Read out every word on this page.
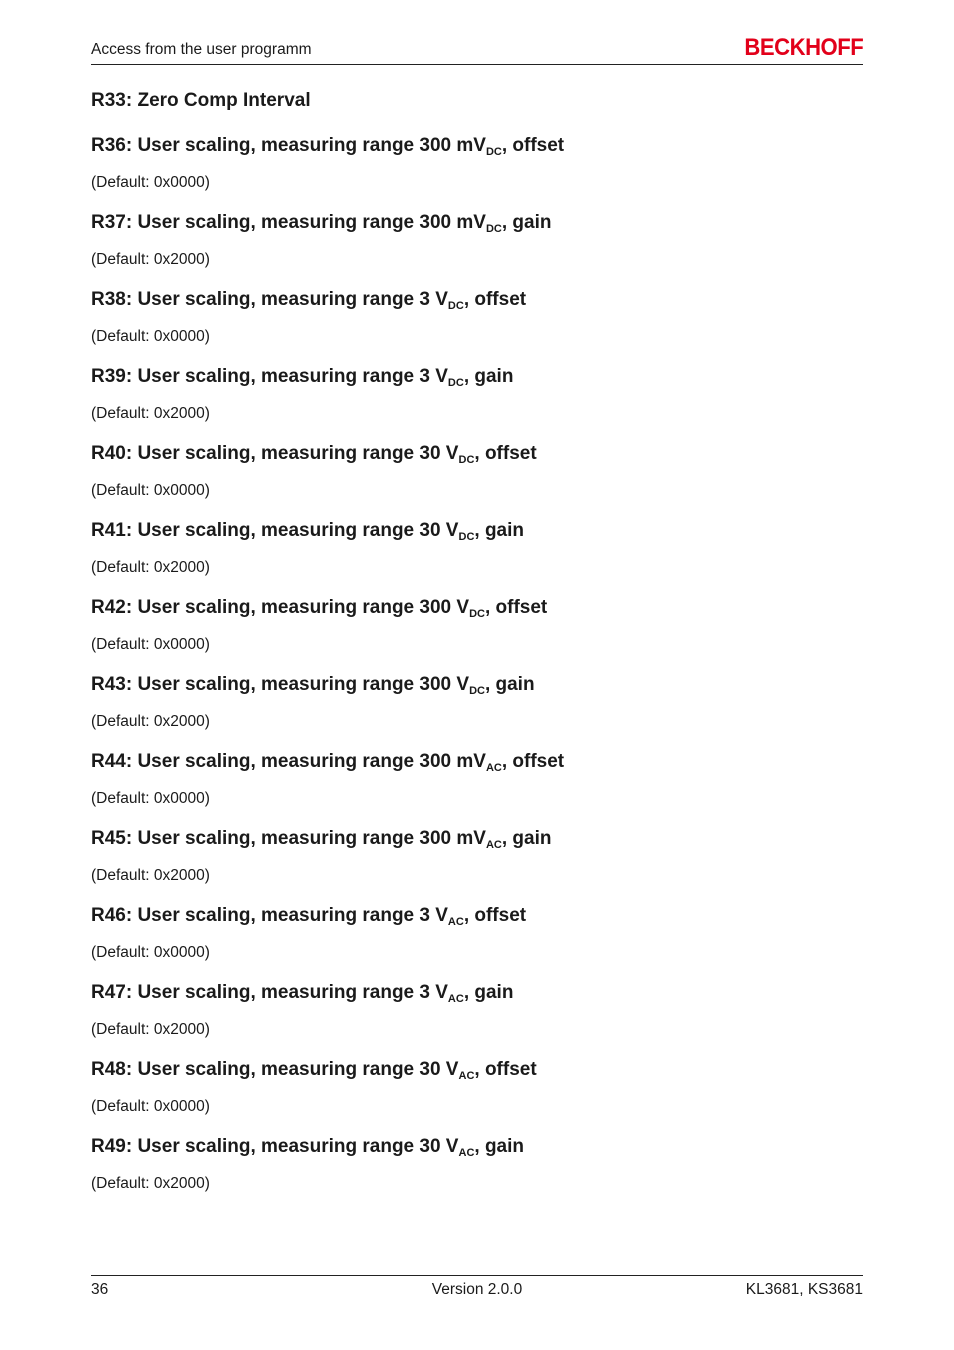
Access from the user programm	BECKHOFF

R33: Zero Comp Interval

R36: User scaling, measuring range 300 $mV_{DC}$, offset

(Default: 0x0000)

R37: User scaling, measuring range 300 $mV_{DC}$, gain

(Default: 0x2000)

R38: User scaling, measuring range 3 $V_{DC}$, offset

(Default: 0x0000)

R39: User scaling, measuring range 3 $V_{DC}$, gain

(Default: 0x2000)

R40: User scaling, measuring range 30 $V_{DC}$, offset

(Default: 0x0000)

R41: User scaling, measuring range 30 $V_{DC}$, gain

(Default: 0x2000)

R42: User scaling, measuring range 300 $V_{DC}$, offset

(Default: 0x0000)

R43: User scaling, measuring range 300 $V_{DC}$, gain

(Default: 0x2000)

R44: User scaling, measuring range 300 $mV_{AC}$, offset

(Default: 0x0000)

R45: User scaling, measuring range 300 $mV_{AC}$, gain

(Default: 0x2000)

R46: User scaling, measuring range 3 $V_{AC}$, offset

(Default: 0x0000)

R47: User scaling, measuring range 3 $V_{AC}$, gain

(Default: 0x2000)

R48: User scaling, measuring range 30 $V_{AC}$, offset

(Default: 0x0000)

R49: User scaling, measuring range 30 $V_{AC}$, gain

(Default: 0x2000)
36	Version 2.0.0	KL3681, KS3681
